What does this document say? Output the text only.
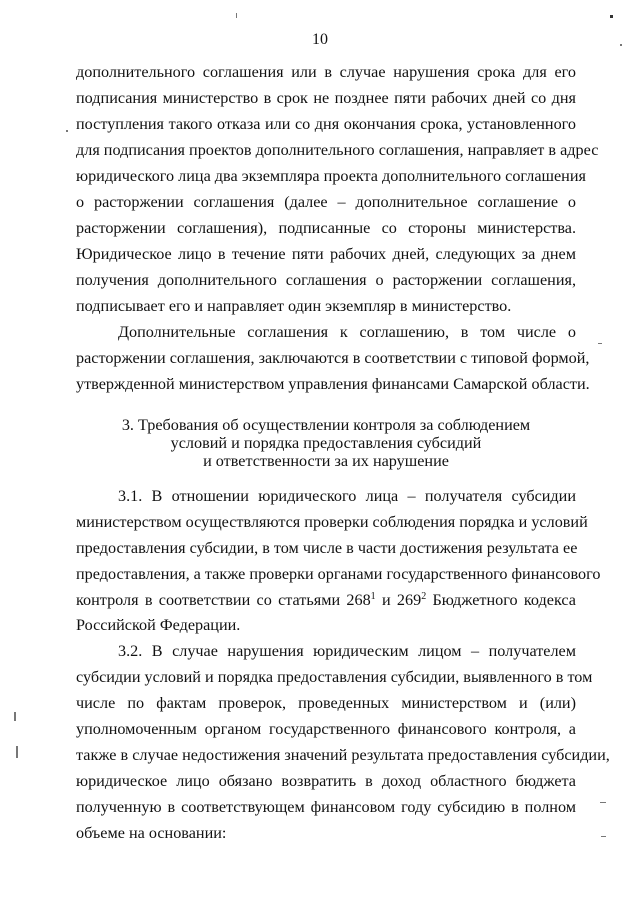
10
дополнительного соглашения или в случае нарушения срока для его
подписания министерство в срок не позднее пяти рабочих дней со дня
поступления такого отказа или со дня окончания срока, установленного
для подписания проектов дополнительного соглашения, направляет в адрес
юридического лица два экземпляра проекта дополнительного соглашения
о расторжении соглашения (далее – дополнительное соглашение о
расторжении соглашения), подписанные со стороны министерства.
Юридическое лицо в течение пяти рабочих дней, следующих за днем
получения дополнительного соглашения о расторжении соглашения,
подписывает его и направляет один экземпляр в министерство.
Дополнительные соглашения к соглашению, в том числе о
расторжении соглашения, заключаются в соответствии с типовой формой,
утвержденной министерством управления финансами Самарской области.
3. Требования об осуществлении контроля за соблюдением
условий и порядка предоставления субсидий
и ответственности за их нарушение
3.1. В отношении юридического лица – получателя субсидии
министерством осуществляются проверки соблюдения порядка и условий
предоставления субсидии, в том числе в части достижения результата ее
предоставления, а также проверки органами государственного финансового
контроля в соответствии со статьями $268^1$ и $269^2$ Бюджетного кодекса
Российской Федерации.
3.2. В случае нарушения юридическим лицом – получателем
субсидии условий и порядка предоставления субсидии, выявленного в том
числе по фактам проверок, проведенных министерством и (или)
уполномоченным органом государственного финансового контроля, а
также в случае недостижения значений результата предоставления субсидии,
юридическое лицо обязано возвратить в доход областного бюджета
полученную в соответствующем финансовом году субсидию в полном
объеме на основании:
